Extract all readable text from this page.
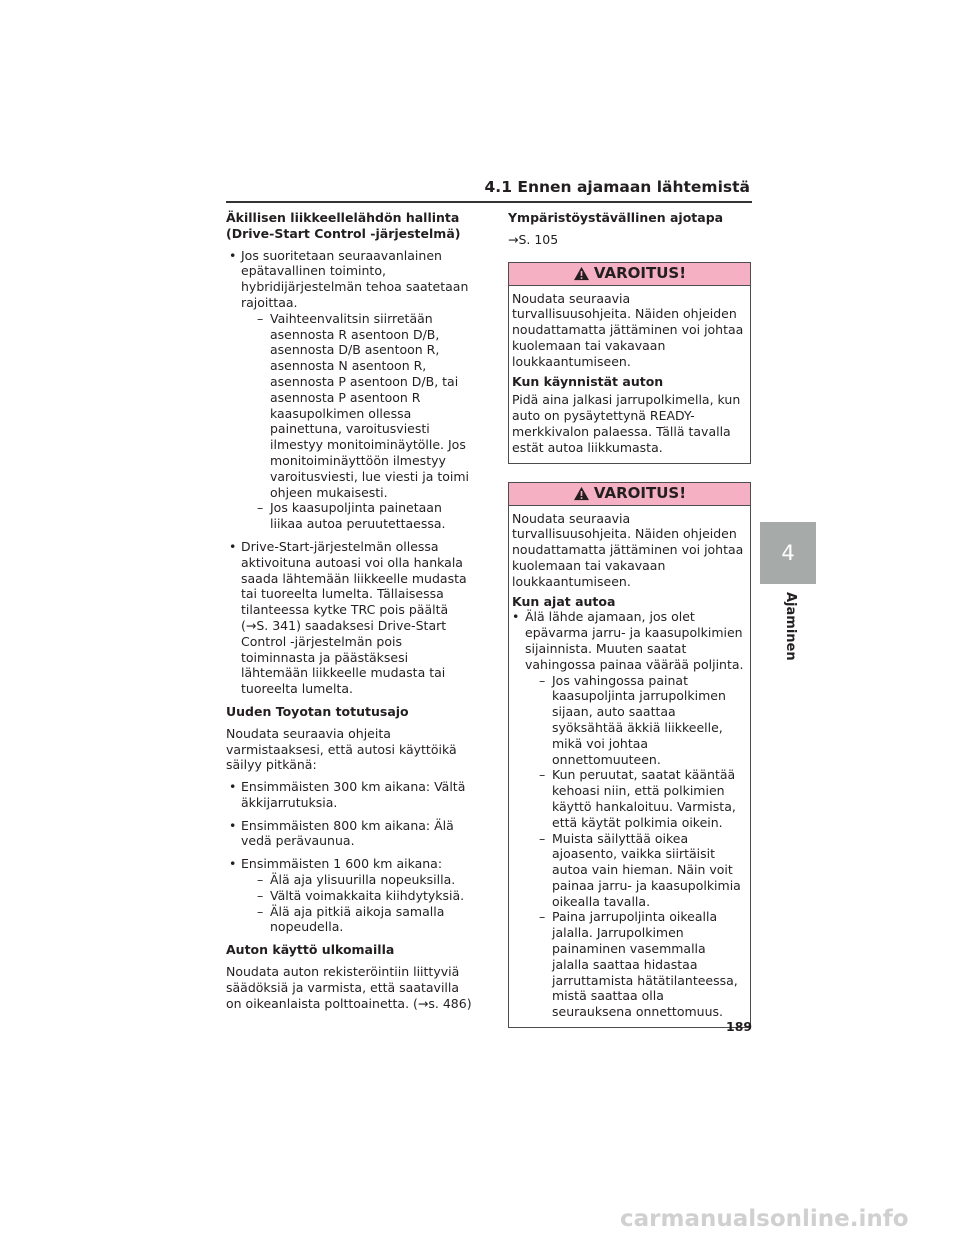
4.1 Ennen ajamaan lähtemistä
Äkillisen liikkeellelähdön hallinta (Drive-Start Control -järjestelmä)
• Jos suoritetaan seuraavanlainen epätavallinen toiminto, hybridijärjestelmän tehoa saatetaan rajoittaa.
– Vaihteenvalitsin siirretään asennosta R asentoon D/B, asennosta D/B asentoon R, asennosta N asentoon R, asennosta P asentoon D/B, tai asennosta P asentoon R kaasupolkimen ollessa painettuna, varoitusviesti ilmestyy monitoiminäytölle. Jos monitoiminäyttöön ilmestyy varoitusviesti, lue viesti ja toimi ohjeen mukaisesti.
– Jos kaasupoljinta painetaan liikaa autoa peruutettaessa.
• Drive-Start-järjestelmän ollessa aktivoituna autoasi voi olla hankala saada lähtemään liikkeelle mudasta tai tuoreelta lumelta. Tällaisessa tilanteessa kytke TRC pois päältä (→S. 341) saadaksesi Drive-Start Control -järjestelmän pois toiminnasta ja päästäksesi lähtemään liikkeelle mudasta tai tuoreelta lumelta.
Uuden Toyotan totutusajo
Noudata seuraavia ohjeita varmistaaksesi, että autosi käyttöikä säilyy pitkänä:
• Ensimmäisten 300 km aikana: Vältä äkkijarrutuksia.
• Ensimmäisten 800 km aikana: Älä vedä perävaunua.
• Ensimmäisten 1 600 km aikana:
– Älä aja ylisuurilla nopeuksilla.
– Vältä voimakkaita kiihdytyksiä.
– Älä aja pitkiä aikoja samalla nopeudella.
Auton käyttö ulkomailla
Noudata auton rekisteröintiin liittyviä säädöksiä ja varmista, että saatavilla on oikeanlaista polttoainetta. (→s. 486)
Ympäristöystävällinen ajotapa
→S. 105
VAROITUS!
Noudata seuraavia turvallisuusohjeita. Näiden ohjeiden noudattamatta jättäminen voi johtaa kuolemaan tai vakavaan loukkaantumiseen.
Kun käynnistät auton
Pidä aina jalkasi jarrupolkimella, kun auto on pysäytettynä READY-merkkivalon palaessa. Tällä tavalla estät autoa liikkumasta.
VAROITUS!
Noudata seuraavia turvallisuusohjeita. Näiden ohjeiden noudattamatta jättäminen voi johtaa kuolemaan tai vakavaan loukkaantumiseen.
Kun ajat autoa
• Älä lähde ajamaan, jos olet epävarma jarru- ja kaasupolkimien sijainnista. Muuten saatat vahingossa painaa väärää poljinta.
– Jos vahingossa painat kaasupoljinta jarrupolkimen sijaan, auto saattaa syöksähtää äkkiä liikkeelle, mikä voi johtaa onnettomuuteen.
– Kun peruutat, saatat kääntää kehoasi niin, että polkimien käyttö hankaloituu. Varmista, että käytät polkimia oikein.
– Muista säilyttää oikea ajoasento, vaikka siirtäisit autoa vain hieman. Näin voit painaa jarru- ja kaasupolkimia oikealla tavalla.
– Paina jarrupoljinta oikealla jalalla. Jarrupolkimen painaminen vasemmalla jalalla saattaa hidastaa jarruttamista hätätilanteessa, mistä saattaa olla seurauksena onnettomuus.
4
Ajaminen
189
carmanualsonline.info
